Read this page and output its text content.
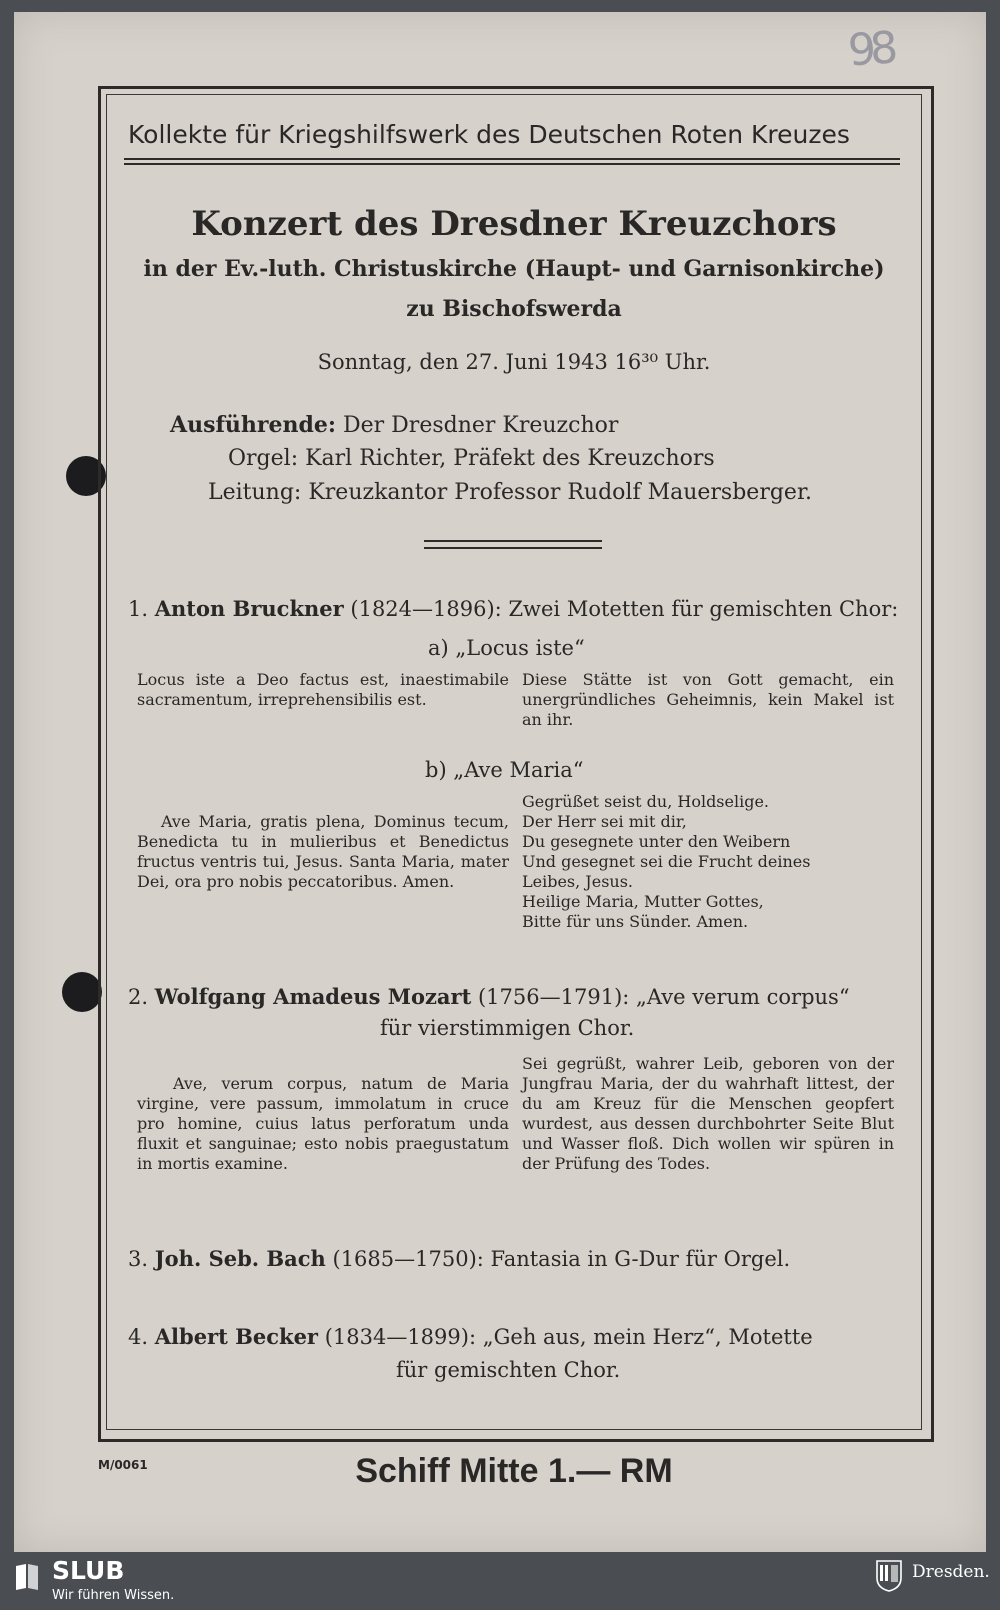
98
Kollekte für Kriegshilfswerk des Deutschen Roten Kreuzes
Konzert des Dresdner Kreuzchors
in der Ev.-luth. Christuskirche (Haupt- und Garnisonkirche)
zu Bischofswerda
Sonntag, den 27. Juni 1943 16³⁰ Uhr.
Ausführende: Der Dresdner Kreuzchor
Orgel: Karl Richter, Präfekt des Kreuzchors
Leitung: Kreuzkantor Professor Rudolf Mauersberger.
1. Anton Bruckner (1824—1896): Zwei Motetten für gemischten Chor:
a) „Locus iste“
Locus iste a Deo factus est, inaestimabile sacramentum, irreprehensibilis est.
Diese Stätte ist von Gott gemacht, ein unergründliches Geheimnis, kein Makel ist an ihr.
b) „Ave Maria“
Ave Maria, gratis plena, Dominus tecum, Benedicta tu in mulieribus et Benedictus fructus ventris tui, Jesus. Santa Maria, mater Dei, ora pro nobis peccatoribus. Amen.
Gegrüßet seist du, Holdselige.
Der Herr sei mit dir,
Du gesegnete unter den Weibern
Und gesegnet sei die Frucht deines
Leibes, Jesus.
Heilige Maria, Mutter Gottes,
Bitte für uns Sünder. Amen.
2. Wolfgang Amadeus Mozart (1756—1791): „Ave verum corpus“
für vierstimmigen Chor.
Ave, verum corpus, natum de Maria virgine, vere passum, immolatum in cruce pro homine, cuius latus perforatum unda fluxit et sanguinae; esto nobis praegustatum in mortis examine.
Sei gegrüßt, wahrer Leib, geboren von der Jungfrau Maria, der du wahrhaft littest, der du am Kreuz für die Menschen geopfert wurdest, aus dessen durchbohrter Seite Blut und Wasser floß. Dich wollen wir spüren in der Prüfung des Todes.
3. Joh. Seb. Bach (1685—1750): Fantasia in G-Dur für Orgel.
4. Albert Becker (1834—1899): „Geh aus, mein Herz“, Motette
für gemischten Chor.
M/0061	Schiff Mitte 1.— RM
SLUB
Wir führen Wissen.
Dresden.
